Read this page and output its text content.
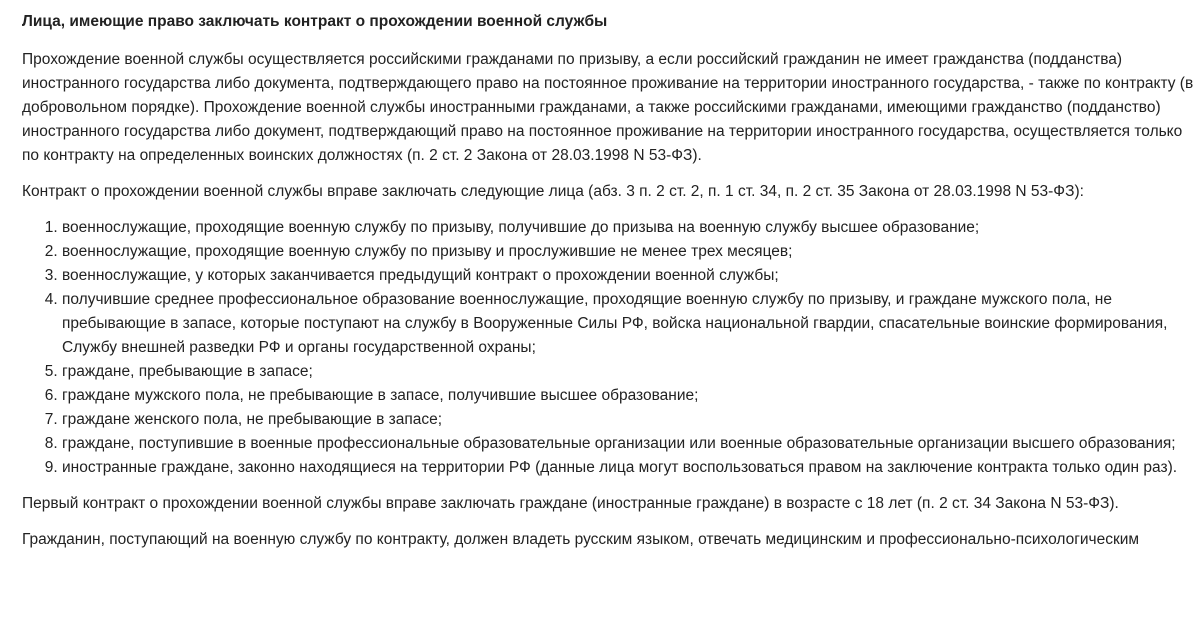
Лица, имеющие право заключать контракт о прохождении военной службы

Прохождение военной службы осуществляется российскими гражданами по призыву, а если российский гражданин не имеет гражданства (подданства) иностранного государства либо документа, подтверждающего право на постоянное проживание на территории иностранного государства, - также по контракту (в добровольном порядке). Прохождение военной службы иностранными гражданами, а также российскими гражданами, имеющими гражданство (подданство) иностранного государства либо документ, подтверждающий право на постоянное проживание на территории иностранного государства, осуществляется только по контракту на определенных воинских должностях (п. 2 ст. 2 Закона от 28.03.1998 N 53-ФЗ).

Контракт о прохождении военной службы вправе заключать следующие лица (абз. 3 п. 2 ст. 2, п. 1 ст. 34, п. 2 ст. 35 Закона от 28.03.1998 N 53-ФЗ):

1. военнослужащие, проходящие военную службу по призыву, получившие до призыва на военную службу высшее образование;
2. военнослужащие, проходящие военную службу по призыву и прослужившие не менее трех месяцев;
3. военнослужащие, у которых заканчивается предыдущий контракт о прохождении военной службы;
4. получившие среднее профессиональное образование военнослужащие, проходящие военную службу по призыву, и граждане мужского пола, не пребывающие в запасе, которые поступают на службу в Вооруженные Силы РФ, войска национальной гвардии, спасательные воинские формирования, Службу внешней разведки РФ и органы государственной охраны;
5. граждане, пребывающие в запасе;
6. граждане мужского пола, не пребывающие в запасе, получившие высшее образование;
7. граждане женского пола, не пребывающие в запасе;
8. граждане, поступившие в военные профессиональные образовательные организации или военные образовательные организации высшего образования;
9. иностранные граждане, законно находящиеся на территории РФ (данные лица могут воспользоваться правом на заключение контракта только один раз).

Первый контракт о прохождении военной службы вправе заключать граждане (иностранные граждане) в возрасте с 18 лет (п. 2 ст. 34 Закона N 53-ФЗ).

Гражданин, поступающий на военную службу по контракту, должен владеть русским языком, отвечать медицинским и профессионально-психологическим
